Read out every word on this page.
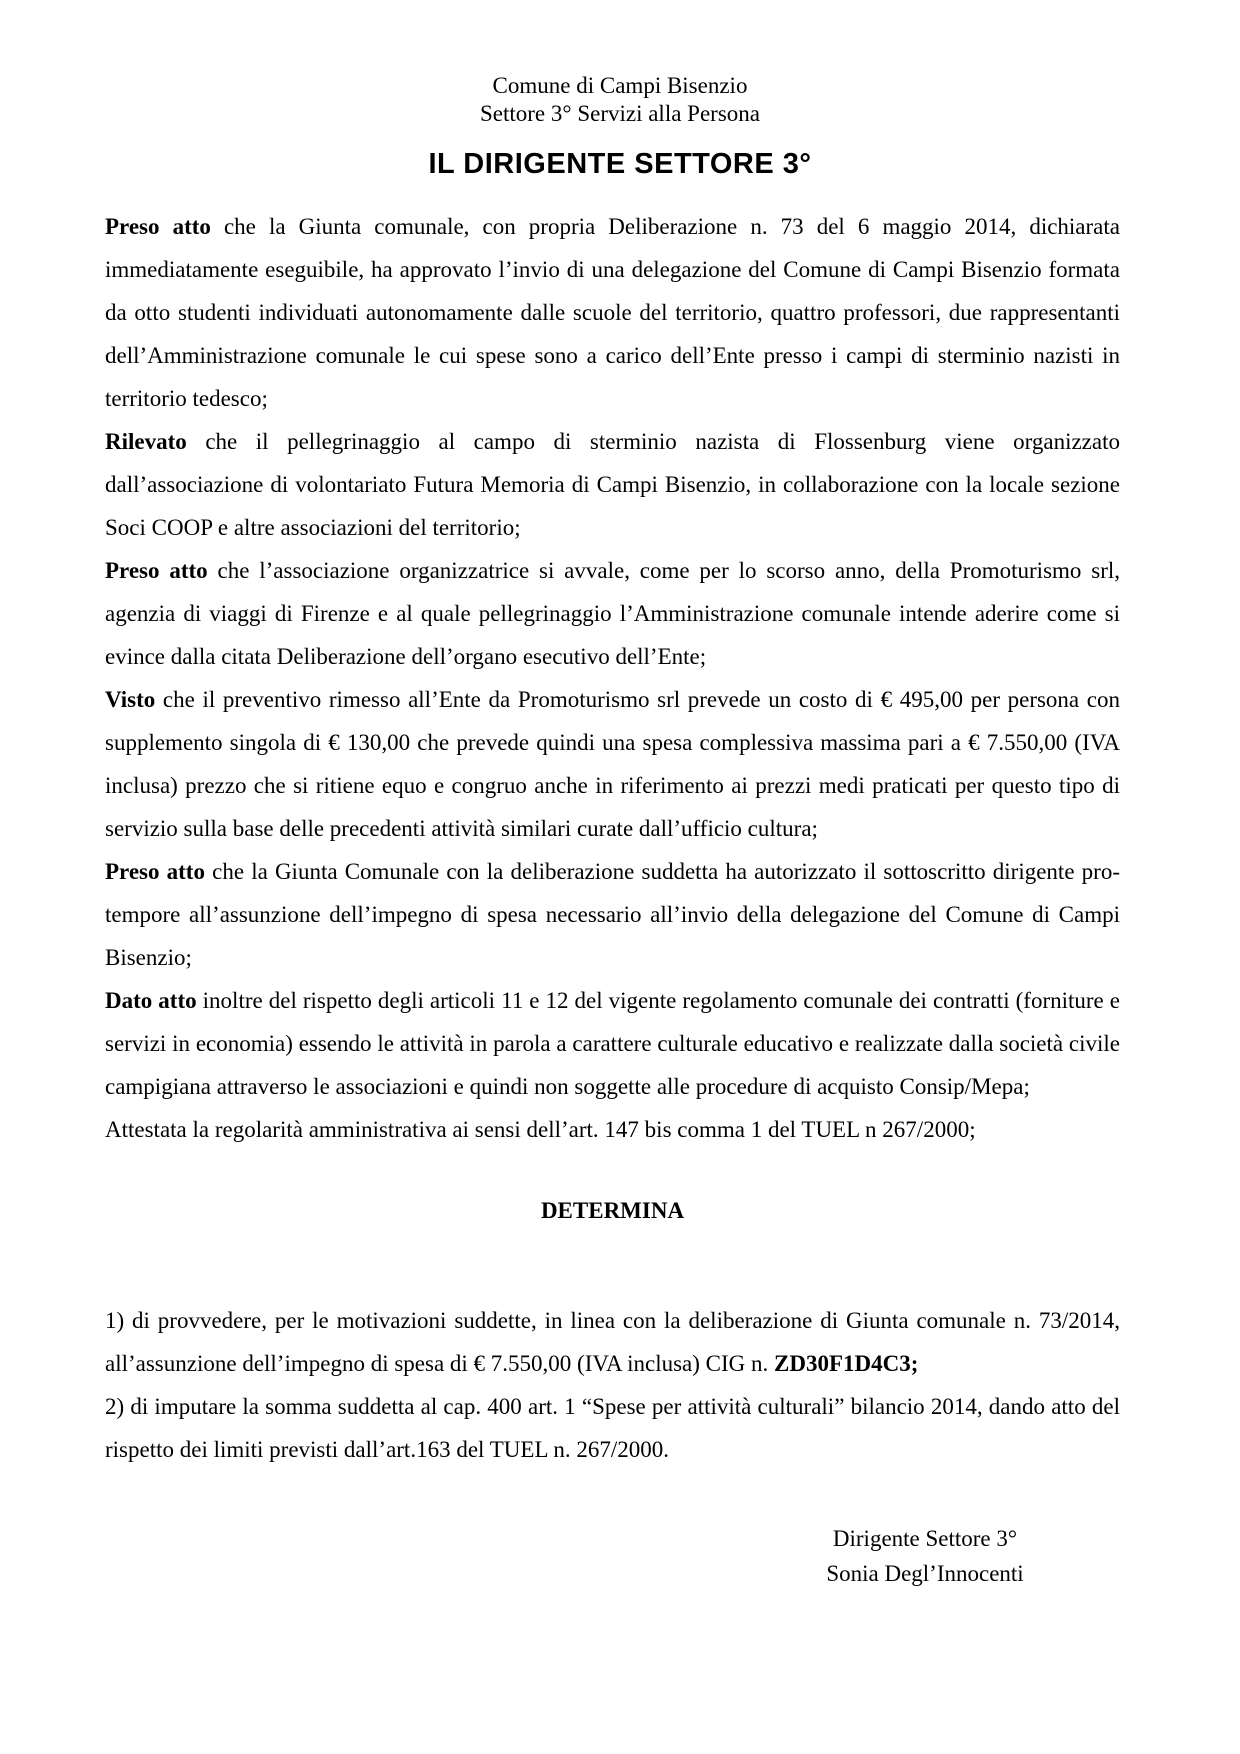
Comune di Campi Bisenzio
Settore 3° Servizi alla Persona
IL DIRIGENTE SETTORE 3°

Preso atto che la Giunta comunale, con propria Deliberazione n. 73 del 6 maggio 2014, dichiarata immediatamente eseguibile, ha approvato l’invio di una delegazione del Comune di Campi Bisenzio formata da otto studenti individuati autonomamente dalle scuole del territorio, quattro professori, due rappresentanti dell’Amministrazione comunale le cui spese sono a carico dell’Ente presso i campi di sterminio nazisti in territorio tedesco;

Rilevato che il pellegrinaggio al campo di sterminio nazista di Flossenburg viene organizzato dall’associazione di volontariato Futura Memoria di Campi Bisenzio, in collaborazione con la locale sezione Soci COOP e altre associazioni del territorio;

Preso atto che l’associazione organizzatrice si avvale, come per lo scorso anno, della Promoturismo srl, agenzia di viaggi di Firenze e al quale pellegrinaggio l’Amministrazione comunale intende aderire come si evince dalla citata Deliberazione dell’organo esecutivo dell’Ente;

Visto che il preventivo rimesso all’Ente da Promoturismo srl prevede un costo di € 495,00 per persona con supplemento singola di € 130,00 che prevede quindi una spesa complessiva massima pari a € 7.550,00 (IVA inclusa) prezzo che si ritiene equo e congruo anche in riferimento ai prezzi medi praticati per questo tipo di servizio sulla base delle precedenti attività similari curate dall’ufficio cultura;

Preso atto che la Giunta Comunale con la deliberazione suddetta ha autorizzato il sottoscritto dirigente pro-tempore all’assunzione dell’impegno di spesa necessario all’invio della delegazione del Comune di Campi Bisenzio;

Dato atto inoltre del rispetto degli articoli 11 e 12 del vigente regolamento comunale dei contratti (forniture e servizi in economia) essendo le attività in parola a carattere culturale educativo e realizzate dalla società civile campigiana attraverso le associazioni e quindi non soggette alle procedure di acquisto Consip/Mepa;

Attestata la regolarità amministrativa ai sensi dell’art. 147 bis comma 1 del TUEL n 267/2000;

DETERMINA

1) di provvedere, per le motivazioni suddette, in linea con la deliberazione di Giunta comunale n. 73/2014, all’assunzione dell’impegno di spesa di € 7.550,00 (IVA inclusa) CIG n. ZD30F1D4C3;

2) di imputare la somma suddetta al cap. 400 art. 1 “Spese per attività culturali” bilancio 2014, dando atto del rispetto dei limiti previsti dall’art.163 del TUEL n. 267/2000.

Dirigente Settore 3°
Sonia Degl’Innocenti
